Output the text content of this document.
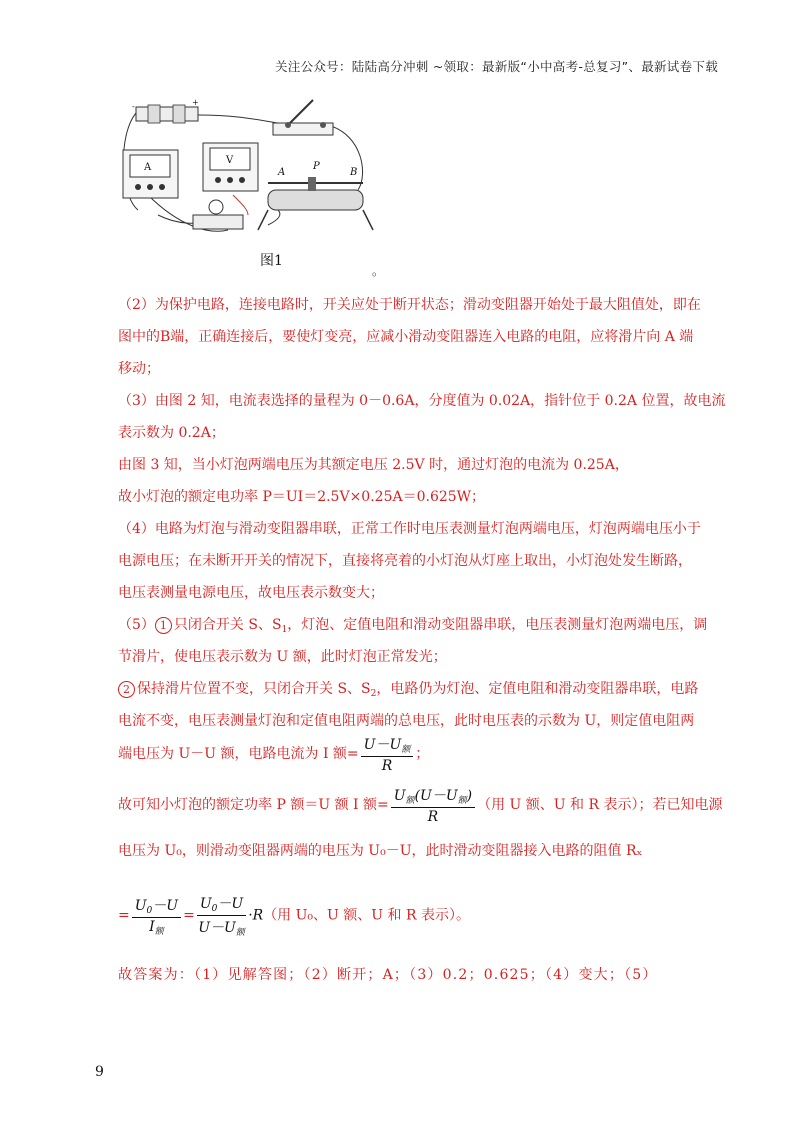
关注公众号：陆陆高分冲刺 ~领取：最新版“小中高考-总复习”、最新试卷下载
-	+
A
V
A
P
B
图1
。
（2）为保护电路，连接电路时，开关应处于断开状态；滑动变阻器开始处于最大阻值处，即在
图中的B端，正确连接后，要使灯变亮，应减小滑动变阻器连入电路的电阻，应将滑片向 A 端
移动；
（3）由图 2 知，电流表选择的量程为 0－0.6A，分度值为 0.02A，指针位于 0.2A 位置，故电流
表示数为 0.2A；
由图 3 知，当小灯泡两端电压为其额定电压 2.5V 时，通过灯泡的电流为 0.25A，
故小灯泡的额定电功率 P＝UI＝2.5V×0.25A＝0.625W；
（4）电路为灯泡与滑动变阻器串联，正常工作时电压表测量灯泡两端电压，灯泡两端电压小于
电源电压；在未断开开关的情况下，直接将亮着的小灯泡从灯座上取出，小灯泡处发生断路，
电压表测量电源电压，故电压表示数变大；
（5） 1 只闭合开关 S、$S_1$，灯泡、定值电阻和滑动变阻器串联，电压表测量灯泡两端电压，调
节滑片，使电压表示数为 U 额，此时灯泡正常发光；
2 保持滑片位置不变，只闭合开关 S、$S_2$，电路仍为灯泡、定值电阻和滑动变阻器串联，电路
电流不变，电压表测量灯泡和定值电阻两端的总电压，此时电压表的示数为 U，则定值电阻两
端电压为 U－U 额，电路电流为 I 额= $\frac{U-U_额}{R}$ ；
故可知小灯泡的额定功率 P 额＝U 额 I 额= $\frac{U_额(U-U_额)}{R}$ （用 U 额、U 和 R 表示）；若已知电源
电压为 U₀，则滑动变阻器两端的电压为 U₀－U，此时滑动变阻器接入电路的阻值 Rₓ
= $\frac{U_0-U}{I_额} = \frac{U_0-U}{U-U_额} \cdot R$（用 U₀、U 额、U 和 R 表示）。
故答案为：（1）见解答图；（2）断开；A；（3）0.2；0.625；（4）变大；（5）
9
